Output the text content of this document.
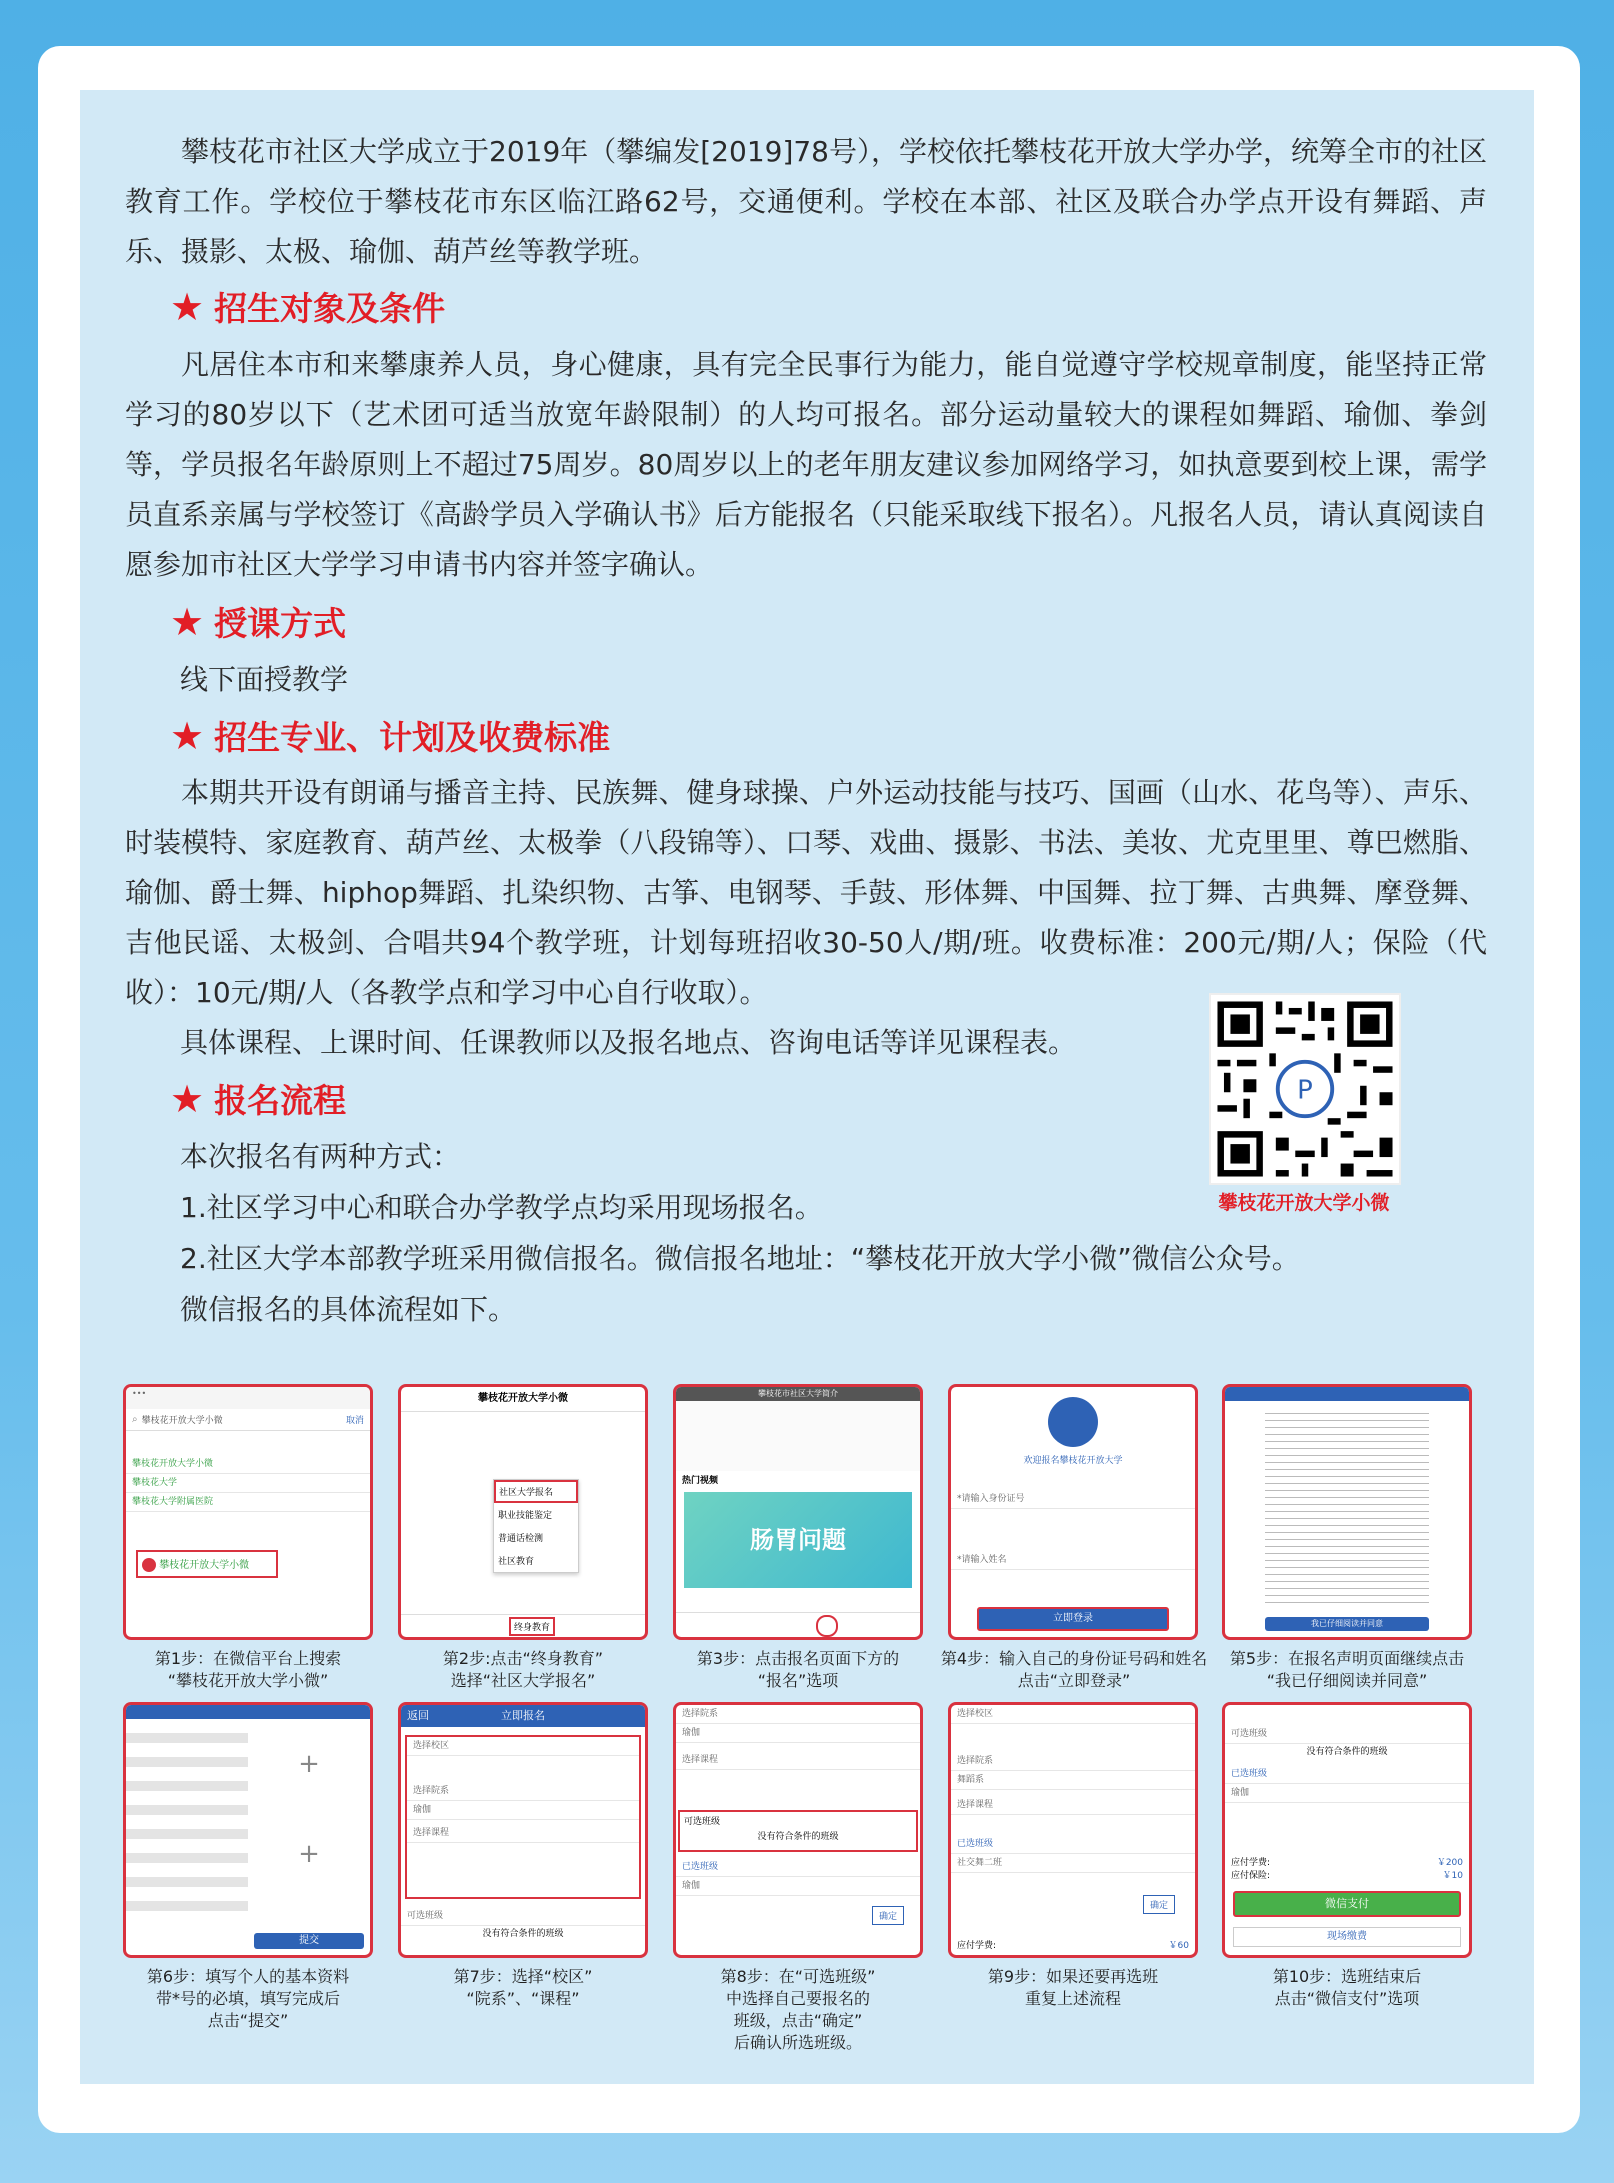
攀枝花市社区大学成立于2019年（攀编发[2019]78号），学校依托攀枝花开放大学办学，统筹全市的社区教育工作。学校位于攀枝花市东区临江路62号，交通便利。学校在本部、社区及联合办学点开设有舞蹈、声乐、摄影、太极、瑜伽、葫芦丝等教学班。

★ 招生对象及条件

凡居住本市和来攀康养人员，身心健康，具有完全民事行为能力，能自觉遵守学校规章制度，能坚持正常学习的80岁以下（艺术团可适当放宽年龄限制）的人均可报名。部分运动量较大的课程如舞蹈、瑜伽、拳剑等，学员报名年龄原则上不超过75周岁。80周岁以上的老年朋友建议参加网络学习，如执意要到校上课，需学员直系亲属与学校签订《高龄学员入学确认书》后方能报名（只能采取线下报名）。凡报名人员，请认真阅读自愿参加市社区大学学习申请书内容并签字确认。

★ 授课方式

线下面授教学

★ 招生专业、计划及收费标准

本期共开设有朗诵与播音主持、民族舞、健身球操、户外运动技能与技巧、国画（山水、花鸟等）、声乐、时装模特、家庭教育、葫芦丝、太极拳（八段锦等）、口琴、戏曲、摄影、书法、美妆、尤克里里、尊巴燃脂、瑜伽、爵士舞、hiphop舞蹈、扎染织物、古筝、电钢琴、手鼓、形体舞、中国舞、拉丁舞、古典舞、摩登舞、吉他民谣、太极剑、合唱共94个教学班，计划每班招收30-50人/期/班。收费标准：200元/期/人；保险（代收）：10元/期/人（各教学点和学习中心自行收取）。

具体课程、上课时间、任课教师以及报名地点、咨询电话等详见课程表。

★ 报名流程

本次报名有两种方式：

1.社区学习中心和联合办学教学点均采用现场报名。

2.社区大学本部教学班采用微信报名。微信报名地址：“攀枝花开放大学小微”微信公众号。

微信报名的具体流程如下。

P
攀枝花开放大学小微
•••
⌕ 攀枝花开放大学小微	取消
攀枝花开放大学小微
攀枝花大学
攀枝花大学附属医院
攀枝花开放大学小微
攀枝花开放大学小微
社区大学报名
职业技能鉴定
普通话检测
社区教育
终身教育
攀枝花市社区大学简介
热门视频
肠胃问题
欢迎报名攀枝花开放大学
*请输入身份证号
*请输入姓名
立即登录	我已仔细阅读并同意
第1步：在微信平台上搜索
“攀枝花开放大学小微”
第2步:点击“终身教育”
选择“社区大学报名”
第3步：点击报名页面下方的
“报名”选项
第4步：输入自己的身份证号码和姓名
点击“立即登录”
第5步：在报名声明页面继续点击
“我已仔细阅读并同意”
+
+
提交
返回	立即报名
选择校区
选择院系
瑜伽
选择课程
可选班级
没有符合条件的班级
选择院系
瑜伽
选择课程
可选班级
没有符合条件的班级
已选班级
瑜伽
确定
选择校区
选择院系
舞蹈系
选择课程
已选班级
社交舞二班
确定
应付学费:	￥60
可选班级
没有符合条件的班级
已选班级
瑜伽
应付学费:	￥200
应付保险:	￥10
微信支付
现场缴费
第6步：填写个人的基本资料
带*号的必填，填写完成后
点击“提交”
第7步：选择“校区”
“院系”、“课程”
第8步：在“可选班级”
中选择自己要报名的
班级，点击“确定”
后确认所选班级。
第9步：如果还要再选班
重复上述流程
第10步：选班结束后
点击“微信支付”选项
